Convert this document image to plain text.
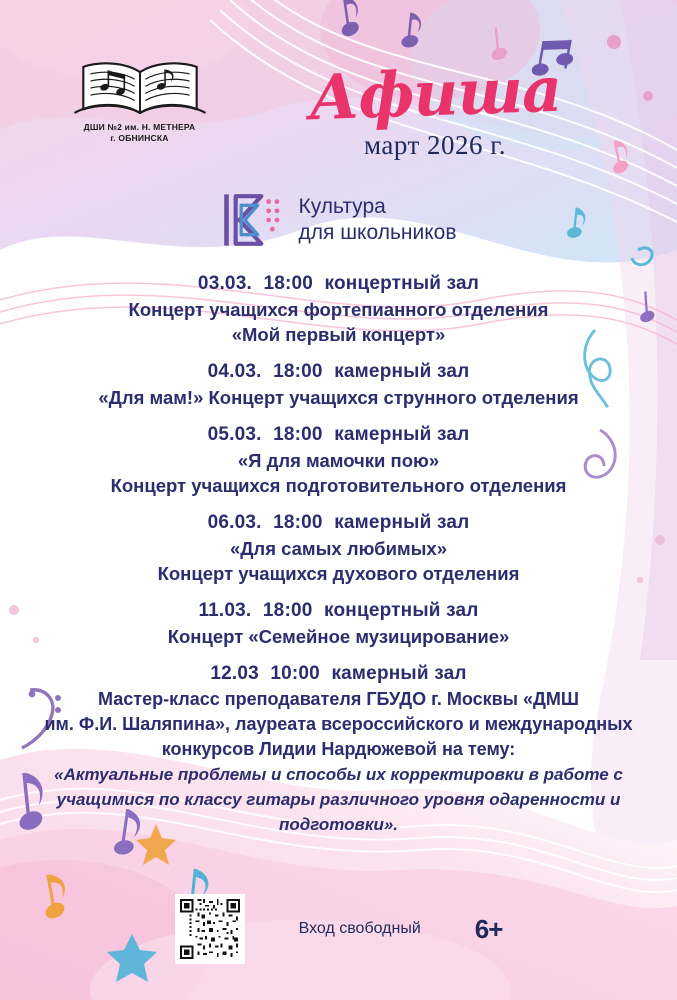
ДШИ №2 им. Н. МЕТНЕРА
г. ОБНИНСКА
Афиша
март 2026 г.
Культура
для школьников
03.03. 18:00 концертный зал
Концерт учащихся фортепианного отделения
«Мой первый концерт»
04.03. 18:00 камерный зал
«Для мам!» Концерт учащихся струнного отделения
05.03. 18:00 камерный зал
«Я для мамочки пою»
Концерт учащихся подготовительного отделения
06.03. 18:00 камерный зал
«Для самых любимых»
Концерт учащихся духового отделения
11.03. 18:00 концертный зал
Концерт «Семейное музицирование»
12.03 10:00 камерный зал
Мастер-класс преподавателя ГБУДО г. Москвы «ДМШ
им. Ф.И. Шаляпина», лауреата всероссийского и международных
конкурсов Лидии Нардюжевой на тему:
«Актуальные проблемы и способы их корректировки в работе с учащимися по классу гитары различного уровня одаренности и подготовки».
Вход свободный 6+
